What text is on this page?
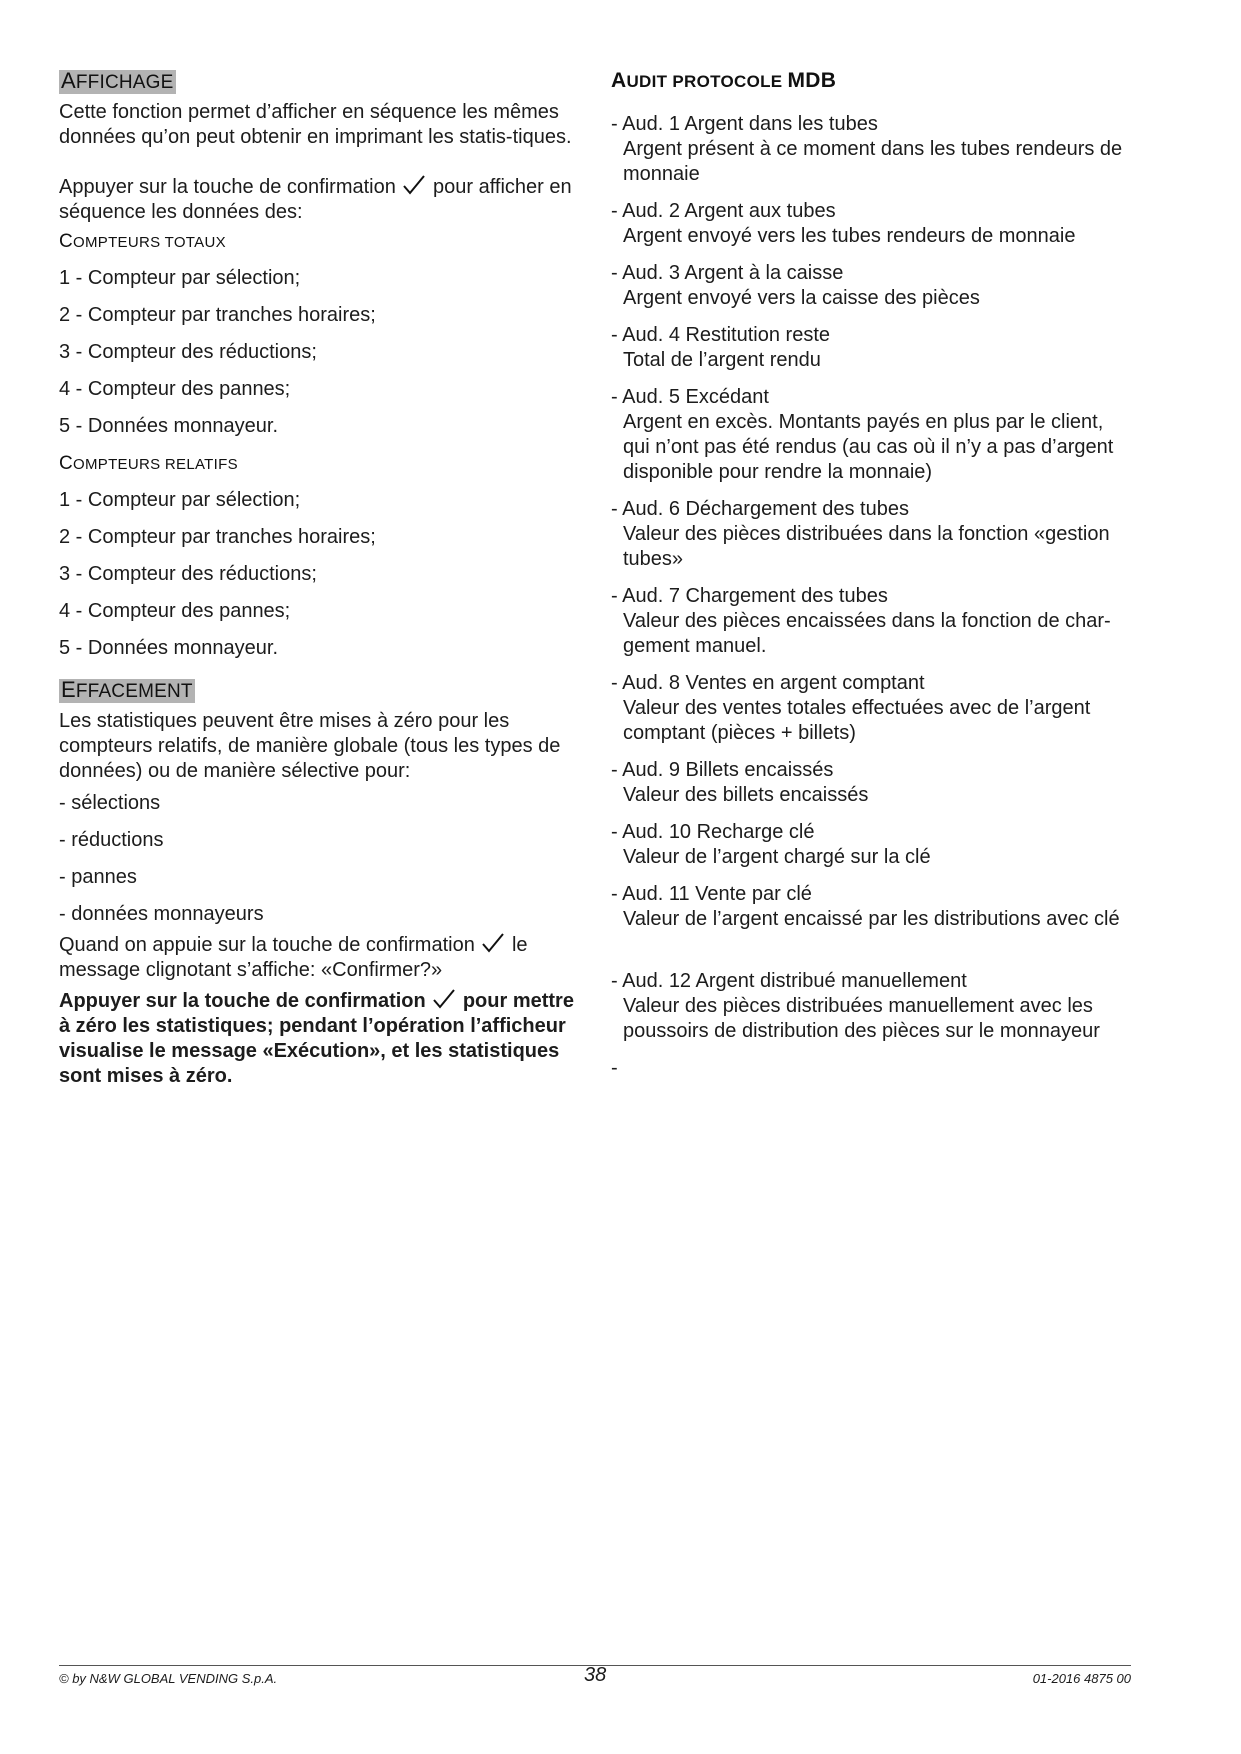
AFFICHAGE

Cette fonction permet d’afficher en séquence les mêmes données qu’on peut obtenir en imprimant les statis-tiques.

Appuyer sur la touche de confirmation pour afficher en séquence les données des:

COMPTEURS TOTAUX
1 - Compteur par sélection;
2 - Compteur par tranches horaires;
3 - Compteur des réductions;
4 - Compteur des pannes;
5 - Données monnayeur.
COMPTEURS RELATIFS
1 - Compteur par sélection;
2 - Compteur par tranches horaires;
3 - Compteur des réductions;
4 - Compteur des pannes;
5 - Données monnayeur.
EFFACEMENT

Les statistiques peuvent être mises à zéro pour les compteurs relatifs, de manière globale (tous les types de données) ou de manière sélective pour:

- sélections
- réductions
- pannes
- données monnayeurs

Quand on appuie sur la touche de confirmation le message clignotant s’affiche: «Confirmer?»

Appuyer sur la touche de confirmation pour mettre à zéro les statistiques; pendant l’opération l’afficheur visualise le message «Exécution», et les statistiques sont mises à zéro.

AUDIT PROTOCOLE MDB
- Aud. 1 Argent dans les tubes
Argent présent à ce moment dans les tubes rendeurs de monnaie
- Aud. 2 Argent aux tubes
Argent envoyé vers les tubes rendeurs de monnaie
- Aud. 3 Argent à la caisse
Argent envoyé vers la caisse des pièces
- Aud. 4 Restitution reste
Total de l’argent rendu
- Aud. 5 Excédant
Argent en excès. Montants payés en plus par le client, qui n’ont pas été rendus (au cas où il n’y a pas d’argent disponible pour rendre la monnaie)
- Aud. 6 Déchargement des tubes
Valeur des pièces distribuées dans la fonction «gestion tubes»
- Aud. 7 Chargement des tubes
Valeur des pièces encaissées dans la fonction de char-gement manuel.
- Aud. 8 Ventes en argent comptant
Valeur des ventes totales effectuées avec de l’argent comptant (pièces + billets)
- Aud. 9 Billets encaissés
Valeur des billets encaissés
- Aud. 10 Recharge clé
Valeur de l’argent chargé sur la clé
- Aud. 11 Vente par clé
Valeur de l’argent encaissé par les distributions avec clé
- Aud. 12 Argent distribué manuellement
Valeur des pièces distribuées manuellement avec les poussoirs de distribution des pièces sur le monnayeur
-
© by N&W GLOBAL VENDING S.p.A.	38	01-2016 4875 00
